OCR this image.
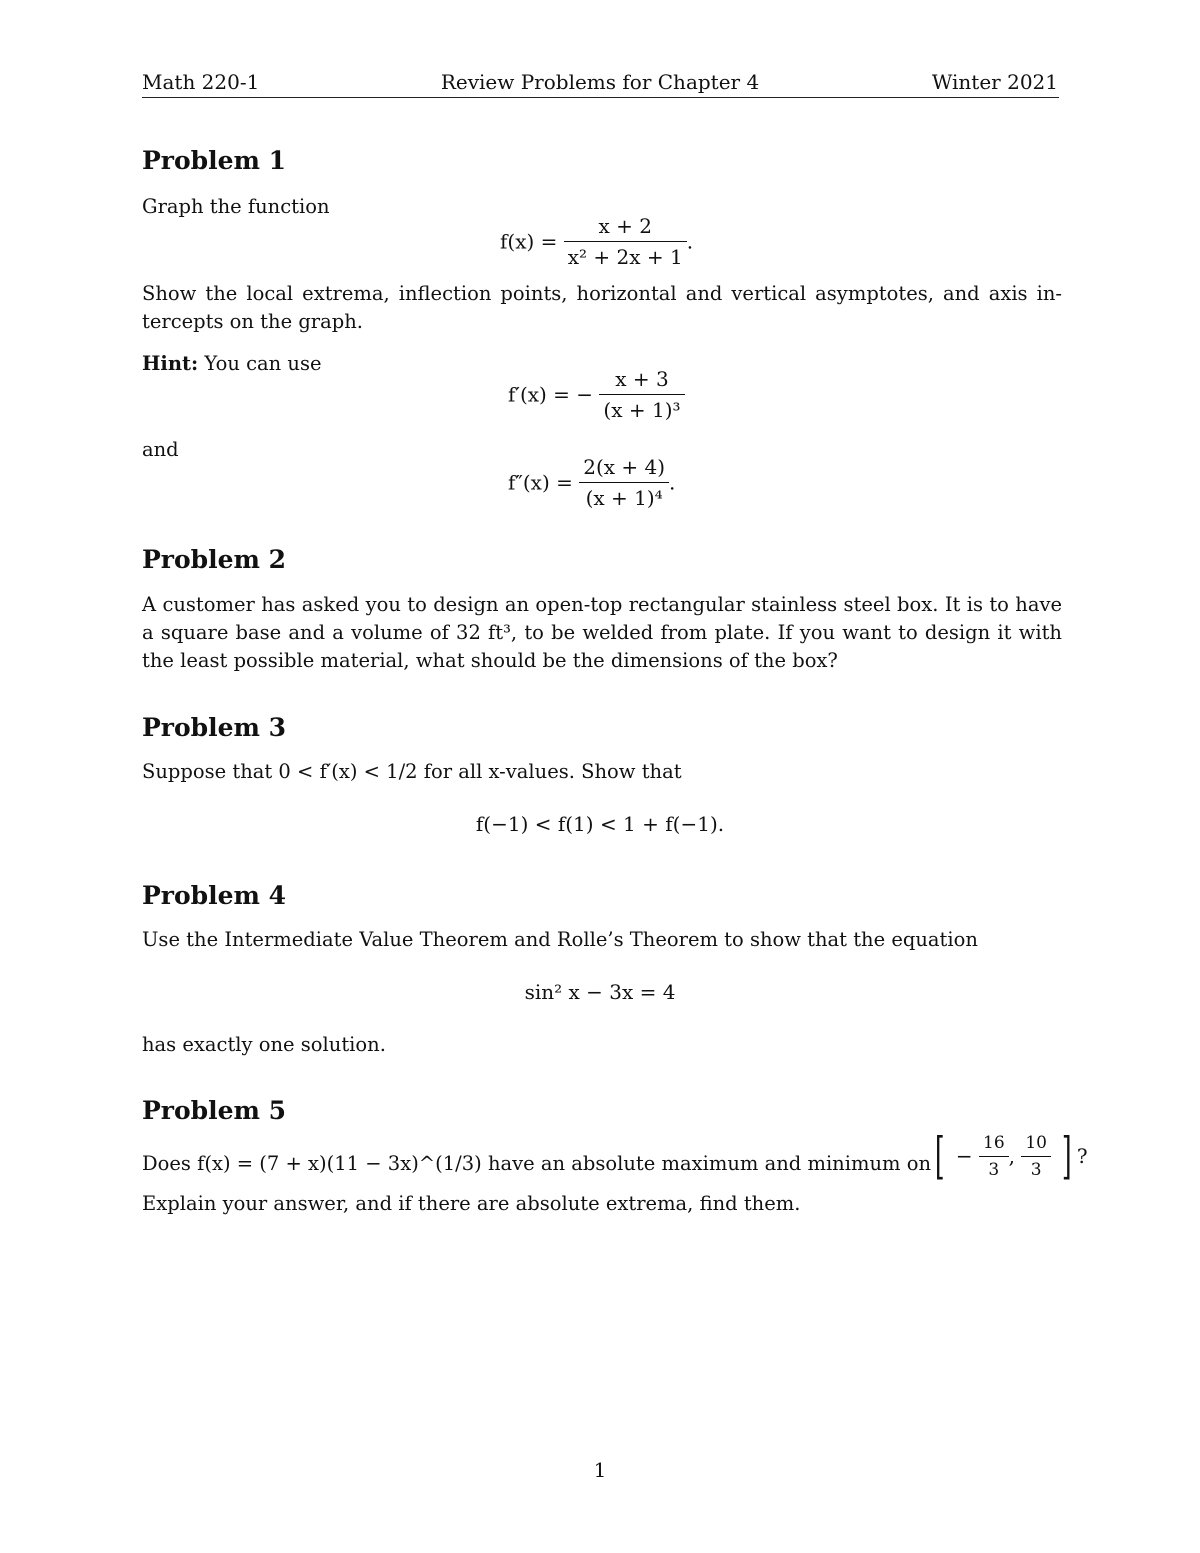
Math 220-1	Review Problems for Chapter 4	Winter 2021
Problem 1
Graph the function
$f(x) = \frac{x + 2}{\text{x² + 2x + 1}}$ .
Show the local extrema, inflection points, horizontal and vertical asymptotes, and axis in-tercepts on the graph.
Hint: You can use
f′(x) = − $\frac{x + 3}{\text{(x + 1)³}}$
and
$f''(x) = \frac{2(x + 4)}{\text{(x + 1)⁴}}$ .
Problem 2
A customer has asked you to design an open-top rectangular stainless steel box. It is to have a square base and a volume of 32 ft³, to be welded from plate. If you want to design it with the least possible material, what should be the dimensions of the box?
Problem 3
Suppose that 0 < f′(x) < 1/2 for all x-values. Show that
f(−1) < f(1) < 1 + f(−1).
Problem 4
Use the Intermediate Value Theorem and Rolle’s Theorem to show that the equation
sin² x − 3x = 4
has exactly one solution.
Problem 5
Does f(x) = (7 + x)(11 − 3x)^(1/3) have an absolute maximum and minimum on [ − $\frac{16}{3}$ , $\frac{10}{3}$ ] ?
Explain your answer, and if there are absolute extrema, find them.
1
